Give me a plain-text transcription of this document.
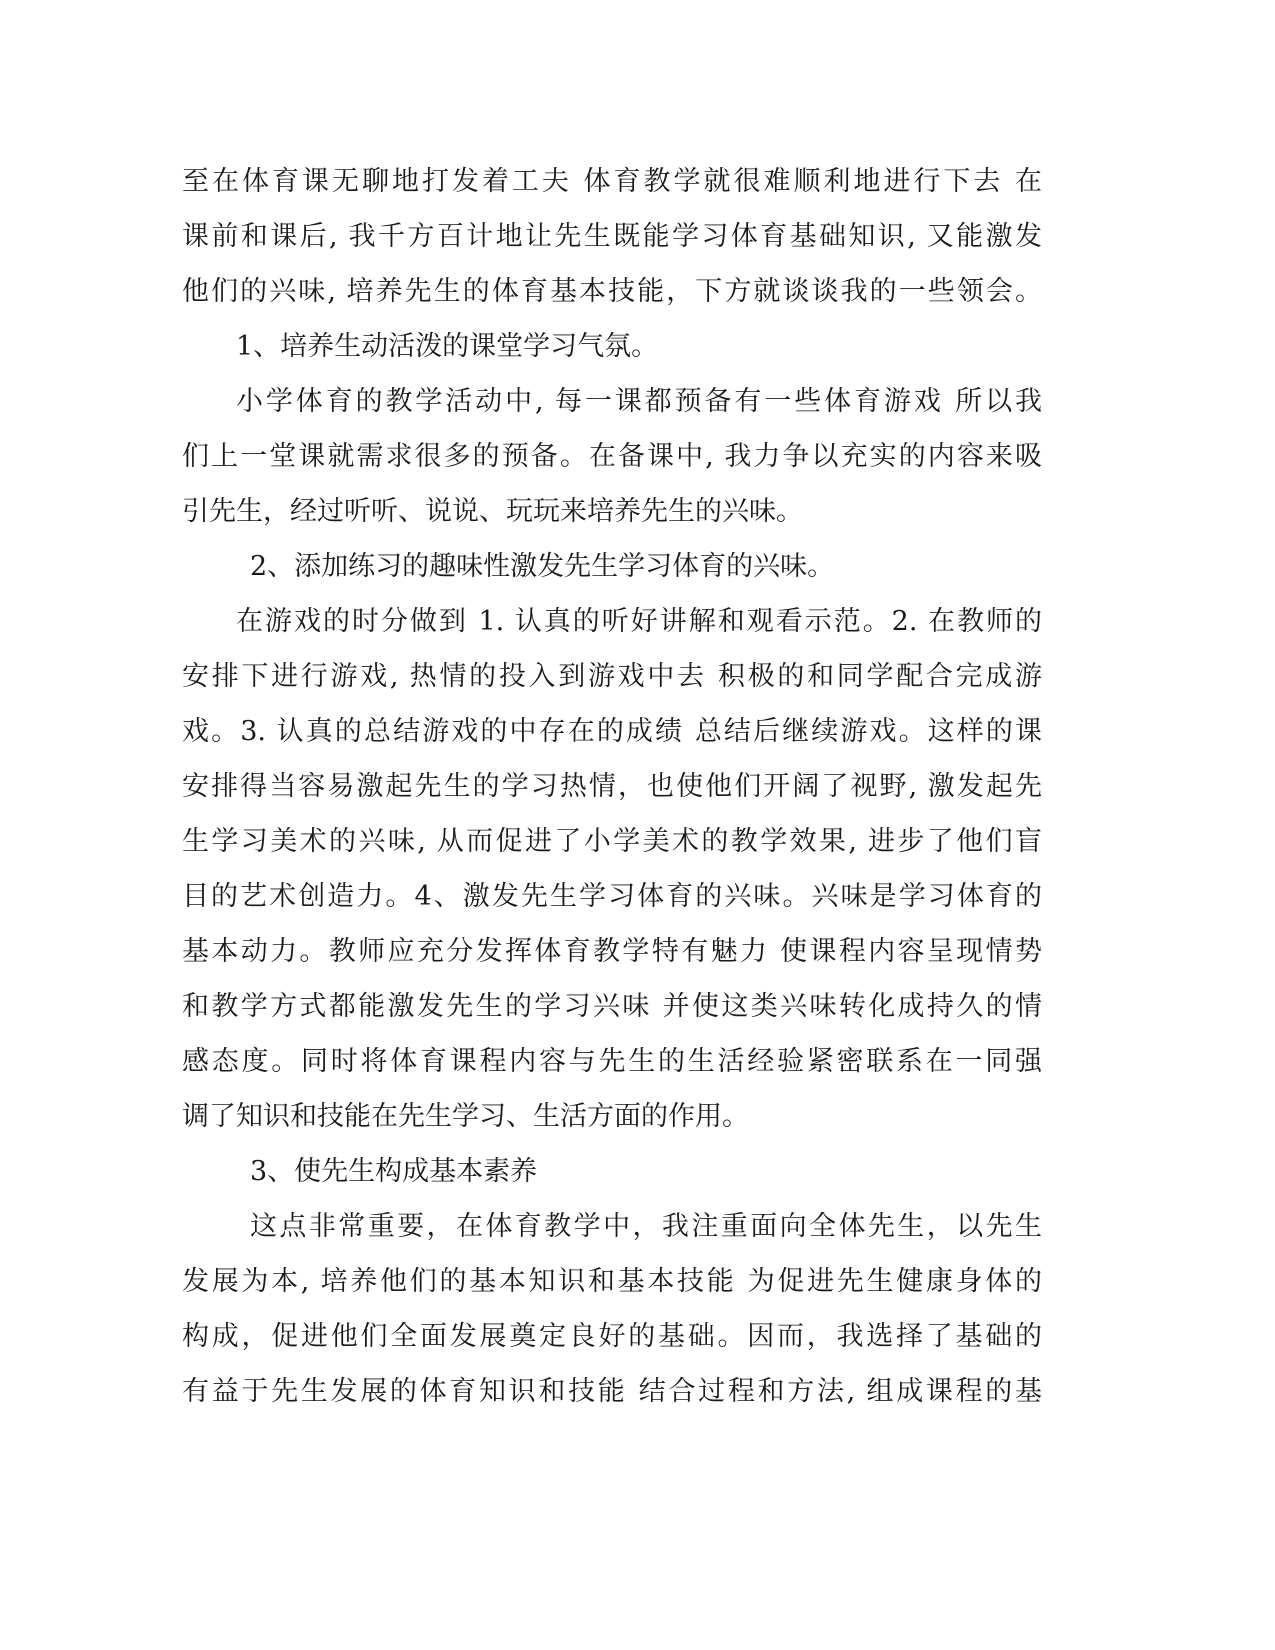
至在体育课无聊地打发着工夫 体育教学就很难顺利地进行下去 在
课前和课后, 我千方百计地让先生既能学习体育基础知识, 又能激发
他们的兴味, 培养先生的体育基本技能，下方就谈谈我的一些领会。
1、培养生动活泼的课堂学习气氛。
小学体育的教学活动中, 每一课都预备有一些体育游戏 所以我
们上一堂课就需求很多的预备。在备课中, 我力争以充实的内容来吸
引先生，经过听听、说说、玩玩来培养先生的兴味。
2、添加练习的趣味性激发先生学习体育的兴味。
在游戏的时分做到 1. 认真的听好讲解和观看示范。2. 在教师的
安排下进行游戏, 热情的投入到游戏中去 积极的和同学配合完成游
戏。3. 认真的总结游戏的中存在的成绩 总结后继续游戏。这样的课
安排得当容易激起先生的学习热情，也使他们开阔了视野, 激发起先
生学习美术的兴味, 从而促进了小学美术的教学效果, 进步了他们盲
目的艺术创造力。4、激发先生学习体育的兴味。兴味是学习体育的
基本动力。教师应充分发挥体育教学特有魅力 使课程内容呈现情势
和教学方式都能激发先生的学习兴味 并使这类兴味转化成持久的情
感态度。同时将体育课程内容与先生的生活经验紧密联系在一同强
调了知识和技能在先生学习、生活方面的作用。
3、使先生构成基本素养
这点非常重要，在体育教学中，我注重面向全体先生，以先生
发展为本, 培养他们的基本知识和基本技能 为促进先生健康身体的
构成，促进他们全面发展奠定良好的基础。因而，我选择了基础的
有益于先生发展的体育知识和技能 结合过程和方法, 组成课程的基
